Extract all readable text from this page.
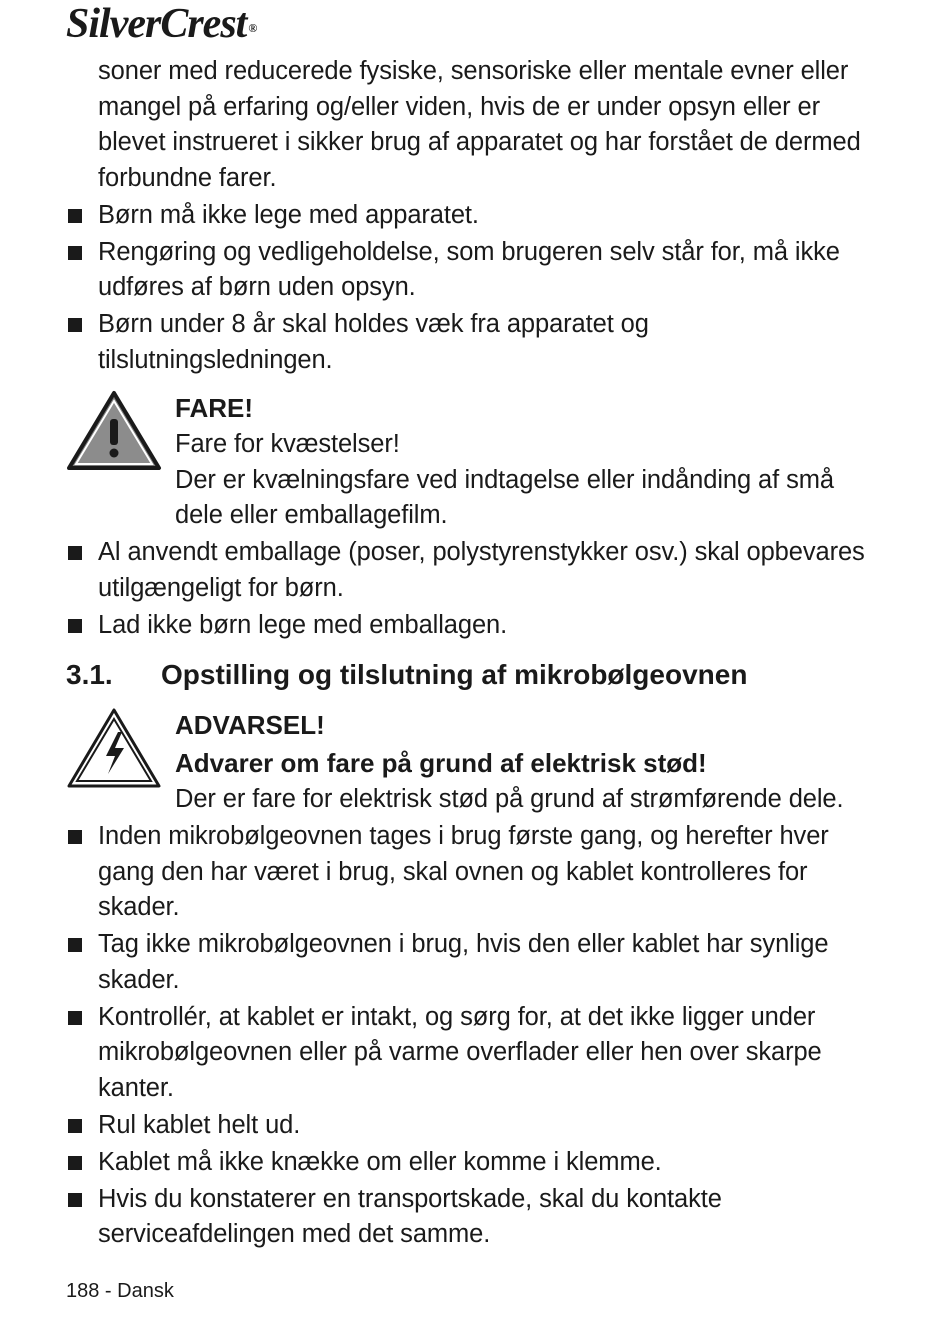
SilverCrest ®
soner med reducerede fysiske, sensoriske eller mentale evner eller mangel på erfaring og/eller viden, hvis de er under opsyn eller er blevet instrueret i sikker brug af apparatet og har forstået de dermed forbundne farer.
Børn må ikke lege med apparatet.
Rengøring og vedligeholdelse, som brugeren selv står for, må ikke udføres af børn uden opsyn.
Børn under 8 år skal holdes væk fra apparatet og tilslutningsledningen.
FARE!
Fare for kvæstelser!
Der er kvælningsfare ved indtagelse eller indånding af små dele eller emballagefilm.
Al anvendt emballage (poser, polystyrenstykker osv.) skal opbevares utilgængeligt for børn.
Lad ikke børn lege med emballagen.
3.1. Opstilling og tilslutning af mikrobølgeovnen
ADVARSEL!
Advarer om fare på grund af elektrisk stød!
Der er fare for elektrisk stød på grund af strømførende dele.
Inden mikrobølgeovnen tages i brug første gang, og herefter hver gang den har været i brug, skal ovnen og kablet kontrolleres for skader.
Tag ikke mikrobølgeovnen i brug, hvis den eller kablet har synlige skader.
Kontrollér, at kablet er intakt, og sørg for, at det ikke ligger under mikrobølgeovnen eller på varme overflader eller hen over skarpe kanter.
Rul kablet helt ud.
Kablet må ikke knække om eller komme i klemme.
Hvis du konstaterer en transportskade, skal du kontakte serviceafdelingen med det samme.
188 - Dansk
